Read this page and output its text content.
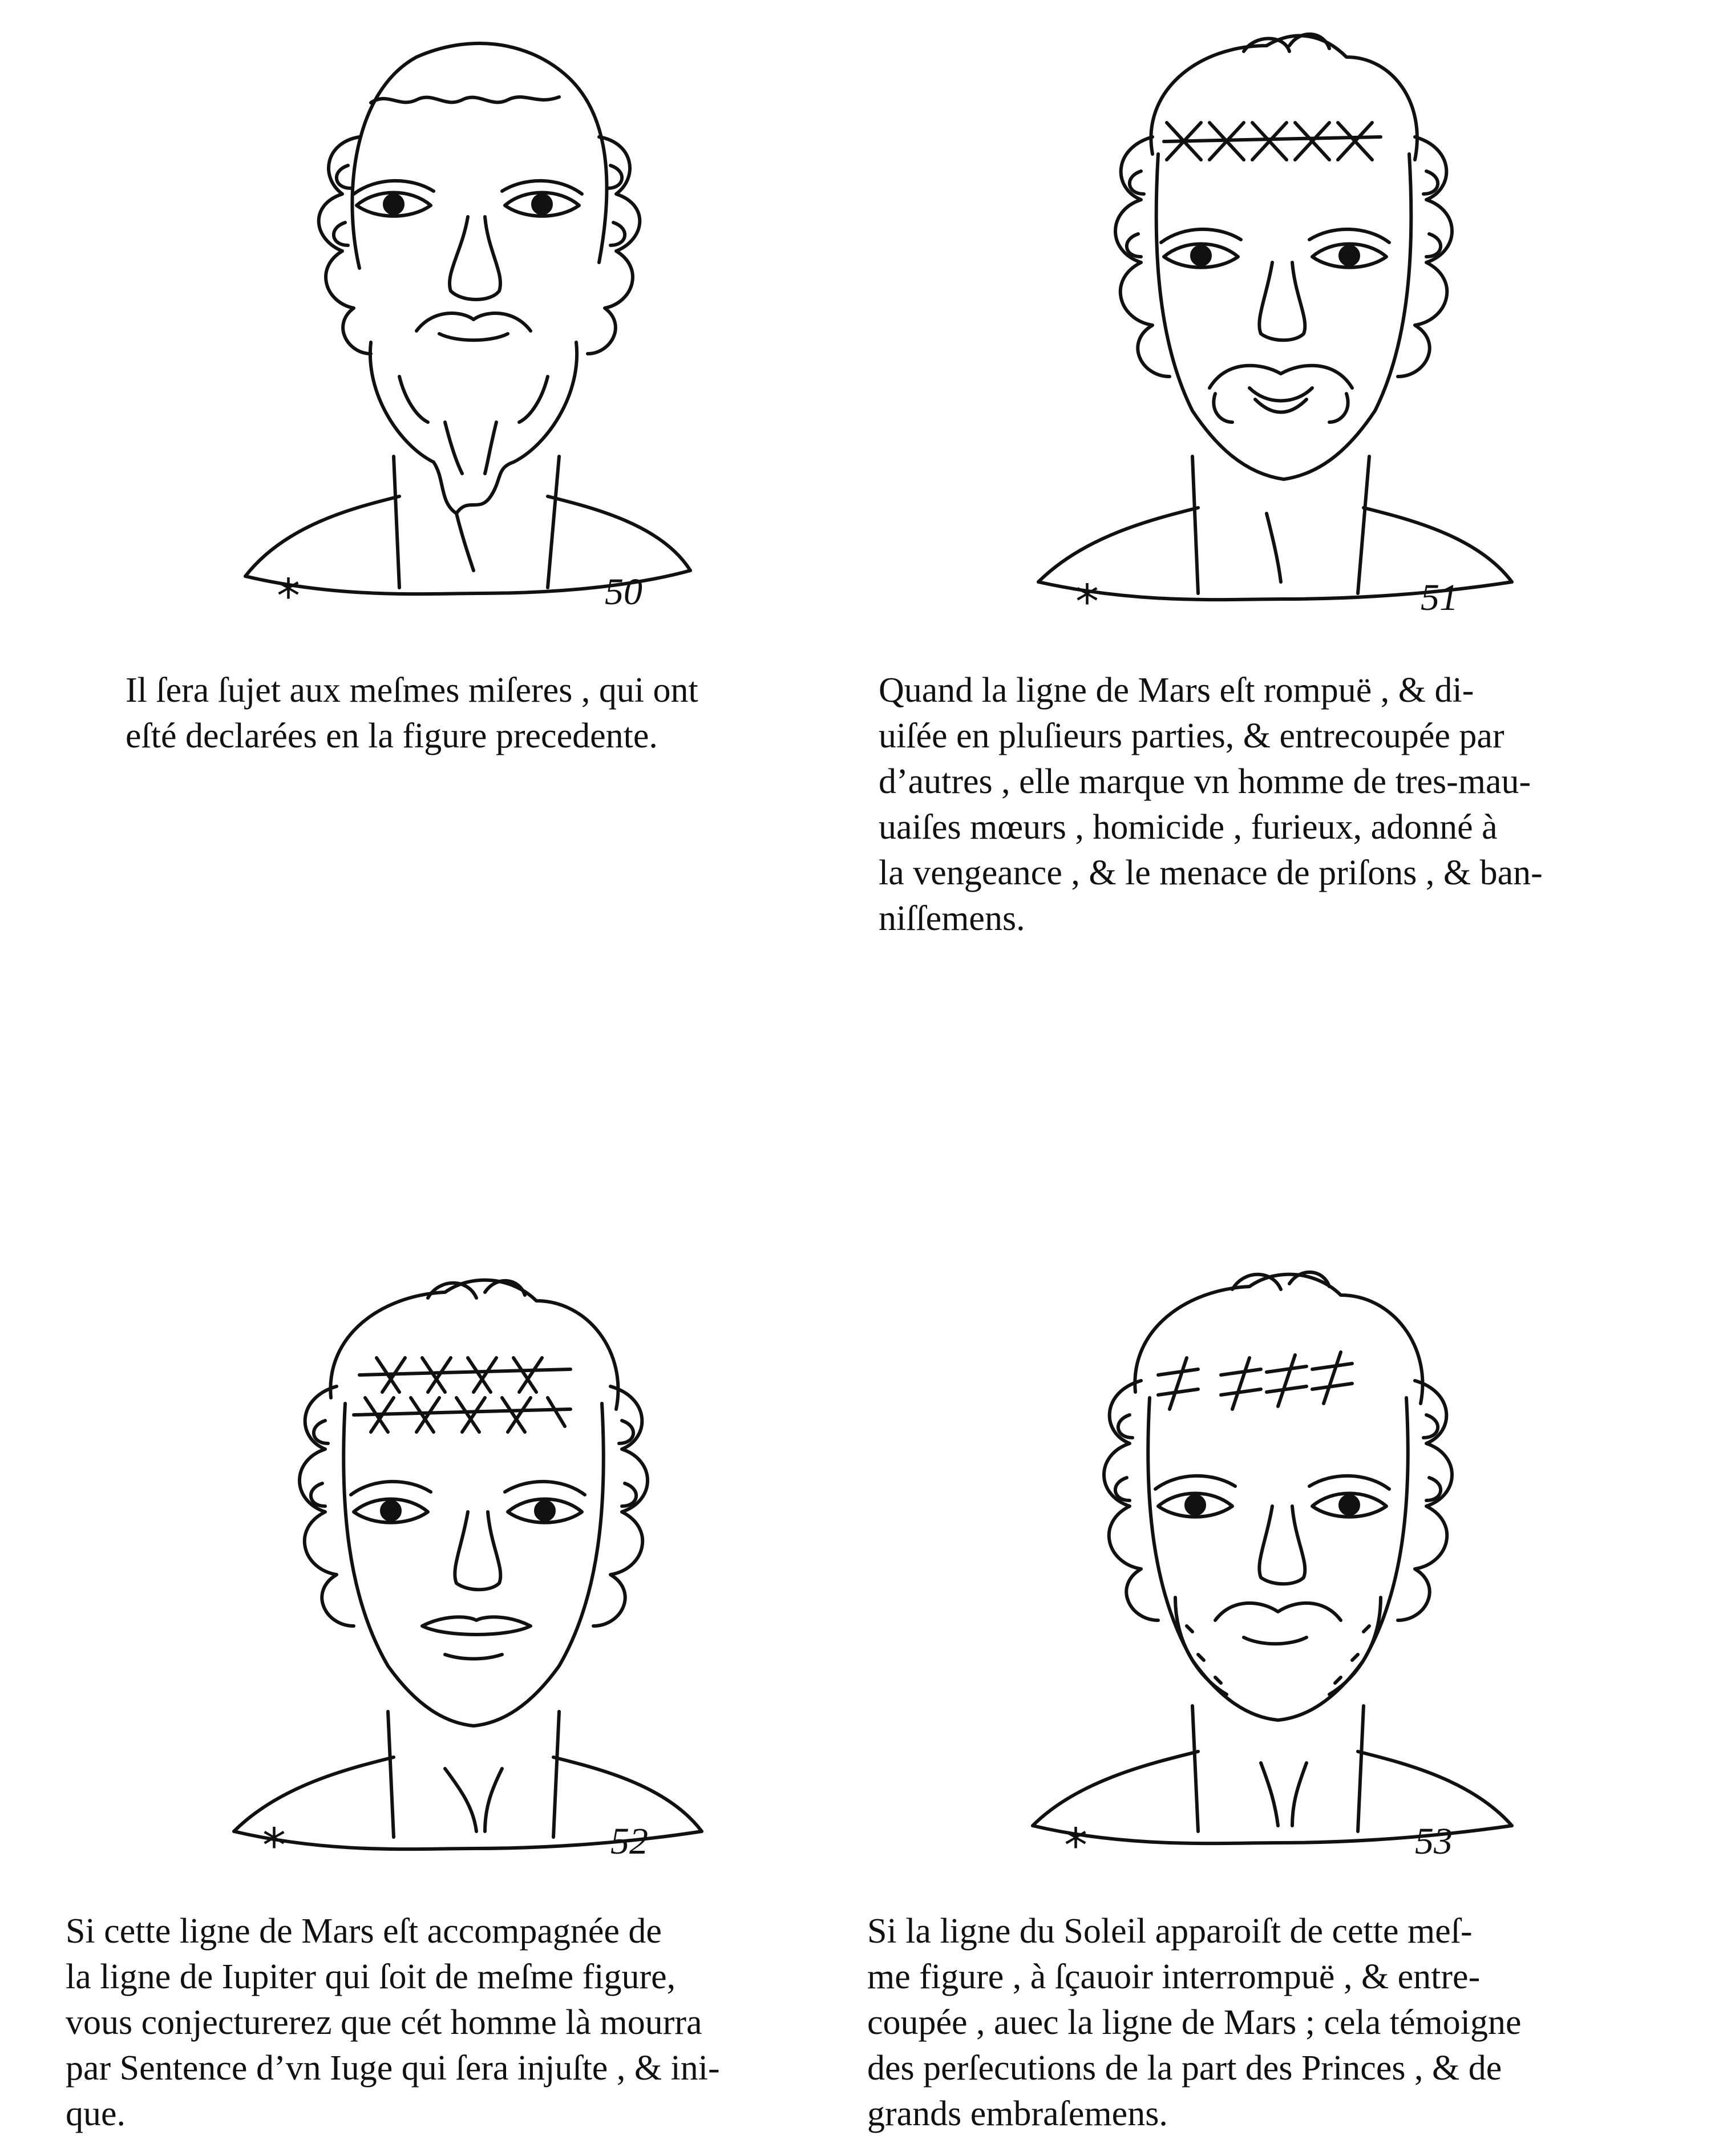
*	50
Il ſera ſujet aux meſmes miſeres , qui ont
eſté declarées en la figure precedente.
*	51
Quand la ligne de Mars eſt rompuë , & di-
uiſée en pluſieurs parties, & entrecoupée par
d’autres , elle marque vn homme de tres-mau-
uaiſes mœurs , homicide , furieux, adonné à
la vengeance , & le menace de priſons , & ban-
niſſemens.
*	52
Si cette ligne de Mars eſt accompagnée de
la ligne de Iupiter qui ſoit de meſme figure,
vous conjecturerez que cét homme là mourra
par Sentence d’vn Iuge qui ſera injuſte , & ini-
que.
*	53
Si la ligne du Soleil apparoiſt de cette meſ-
me figure , à ſçauoir interrompuë , & entre-
coupée , auec la ligne de Mars ; cela témoigne
des perſecutions de la part des Princes , & de
grands embraſemens.
